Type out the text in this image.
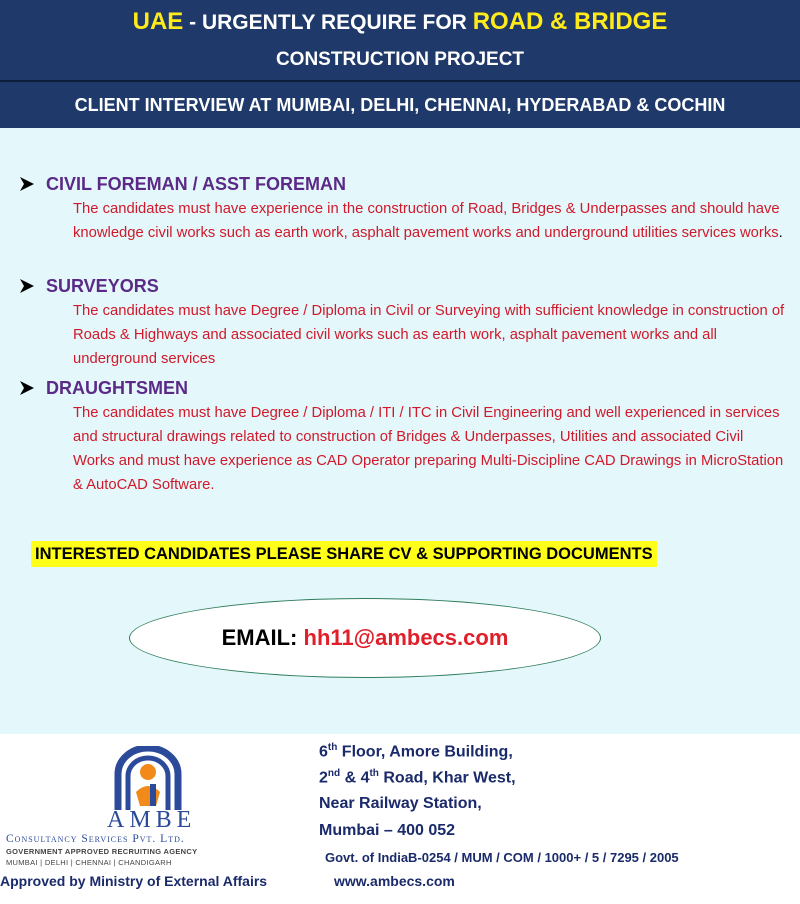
UAE - URGENTLY REQUIRE FOR ROAD & BRIDGE
CONSTRUCTION PROJECT
CLIENT INTERVIEW AT MUMBAI, DELHI, CHENNAI, HYDERABAD & COCHIN
CIVIL FOREMAN / ASST FOREMAN
The candidates must have experience in the construction of Road, Bridges & Underpasses and should have knowledge civil works such as earth work, asphalt pavement works and underground utilities services works.
SURVEYORS
The candidates must have Degree / Diploma in Civil or Surveying with sufficient knowledge in construction of Roads & Highways and associated civil works such as earth work, asphalt pavement works and all underground services
DRAUGHTSMEN
The candidates must have Degree / Diploma / ITI / ITC in Civil Engineering and well experienced in services and structural drawings related to construction of Bridges & Underpasses, Utilities and associated Civil Works and must have experience as CAD Operator preparing Multi-Discipline CAD Drawings in MicroStation & AutoCAD Software.
INTERESTED CANDIDATES PLEASE SHARE CV & SUPPORTING DOCUMENTS
EMAIL: hh11@ambecs.com
AMBE
Consultancy Services Pvt. Ltd.
GOVERNMENT APPROVED RECRUITING AGENCY
MUMBAI | DELHI | CHENNAI | CHANDIGARH
Approved by Ministry of External Affairs
6th Floor, Amore Building,
2nd & 4th Road, Khar West,
Near Railway Station,
Mumbai – 400 052
Govt. of IndiaB-0254 / MUM / COM / 1000+ / 5 / 7295 / 2005
www.ambecs.com
